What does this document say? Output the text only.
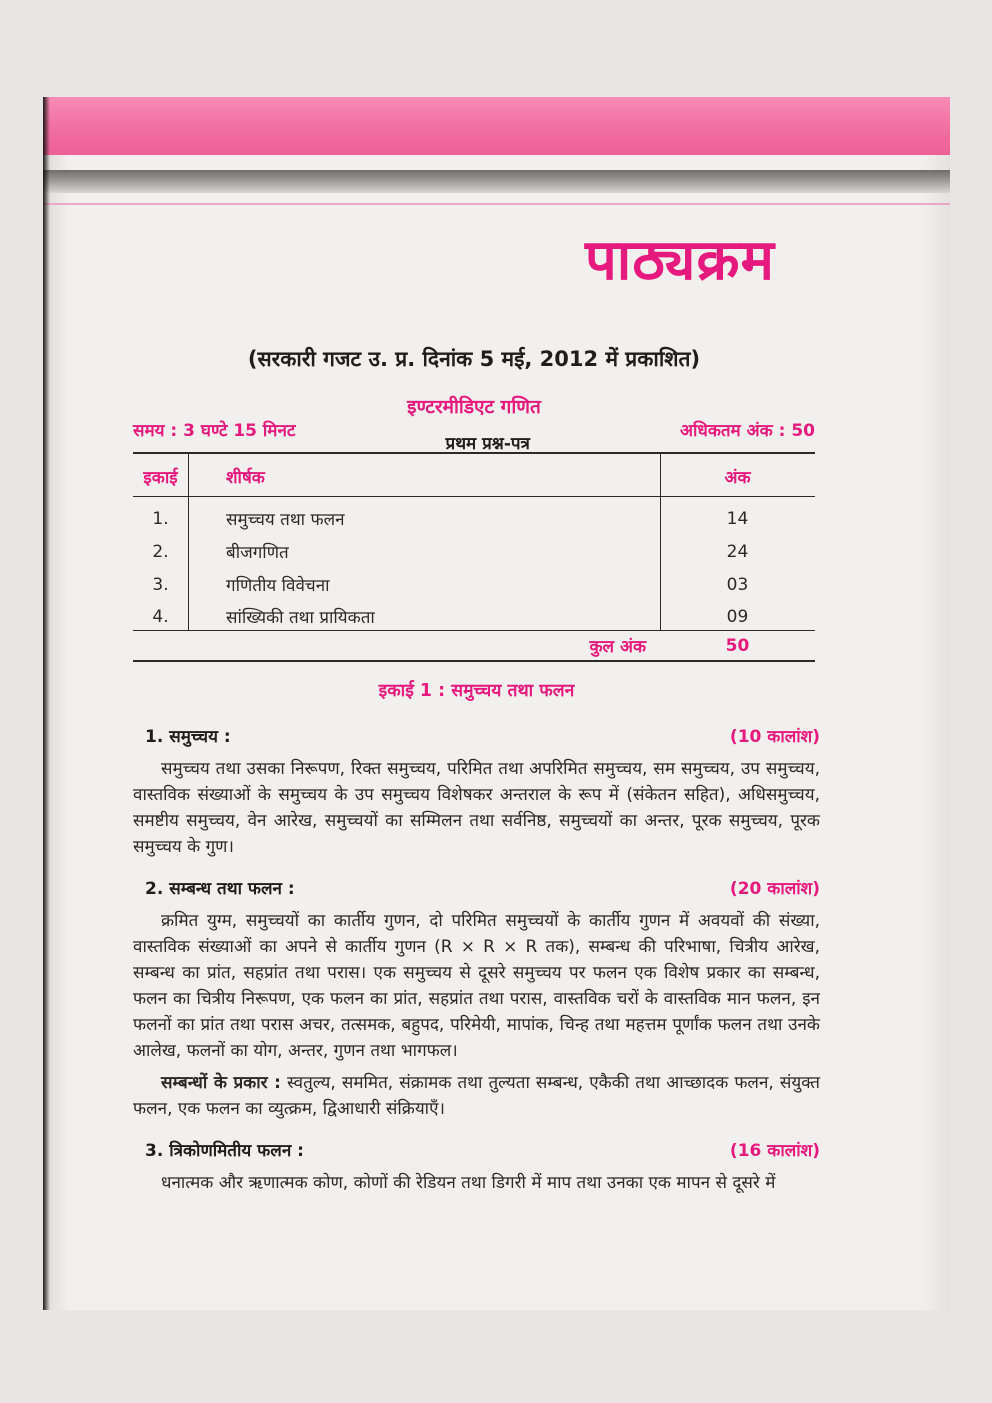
पाठ्यक्रम
(सरकारी गजट उ. प्र. दिनांक 5 मई, 2012 में प्रकाशित)
इण्टरमीडिएट गणित
समय : 3 घण्टे 15 मिनट
प्रथम प्रश्न-पत्र
अधिकतम अंक : 50
इकाई	शीर्षक	अंक
1.	समुच्चय तथा फलन	14
2.	बीजगणित	24
3.	गणितीय विवेचना	03
4.	सांख्यिकी तथा प्रायिकता	09
कुल अंक	50
इकाई 1 : समुच्चय तथा फलन
1. समुच्चय :	(10 कालांश)

समुच्चय तथा उसका निरूपण, रिक्त समुच्चय, परिमित तथा अपरिमित समुच्चय, सम समुच्चय, उप समुच्चय, वास्तविक संख्याओं के समुच्चय के उप समुच्चय विशेषकर अन्तराल के रूप में (संकेतन सहित), अधिसमुच्चय, समष्टीय समुच्चय, वेन आरेख, समुच्चयों का सम्मिलन तथा सर्वनिष्ठ, समुच्चयों का अन्तर, पूरक समुच्चय, पूरक समुच्चय के गुण।

2. सम्बन्ध तथा फलन :	(20 कालांश)

क्रमित युग्म, समुच्चयों का कार्तीय गुणन, दो परिमित समुच्चयों के कार्तीय गुणन में अवयवों की संख्या, वास्तविक संख्याओं का अपने से कार्तीय गुणन (R × R × R तक), सम्बन्ध की परिभाषा, चित्रीय आरेख, सम्बन्ध का प्रांत, सहप्रांत तथा परास। एक समुच्चय से दूसरे समुच्चय पर फलन एक विशेष प्रकार का सम्बन्ध, फलन का चित्रीय निरूपण, एक फलन का प्रांत, सहप्रांत तथा परास, वास्तविक चरों के वास्तविक मान फलन, इन फलनों का प्रांत तथा परास अचर, तत्समक, बहुपद, परिमेयी, मापांक, चिन्ह तथा महत्तम पूर्णांक फलन तथा उनके आलेख, फलनों का योग, अन्तर, गुणन तथा भागफल।

सम्बन्धों के प्रकार : स्वतुल्य, सममित, संक्रामक तथा तुल्यता सम्बन्ध, एकैकी तथा आच्छादक फलन, संयुक्त फलन, एक फलन का व्युत्क्रम, द्विआधारी संक्रियाएँ।

3. त्रिकोणमितीय फलन :	(16 कालांश)

धनात्मक और ऋणात्मक कोण, कोणों की रेडियन तथा डिगरी में माप तथा उनका एक मापन से दूसरे में
